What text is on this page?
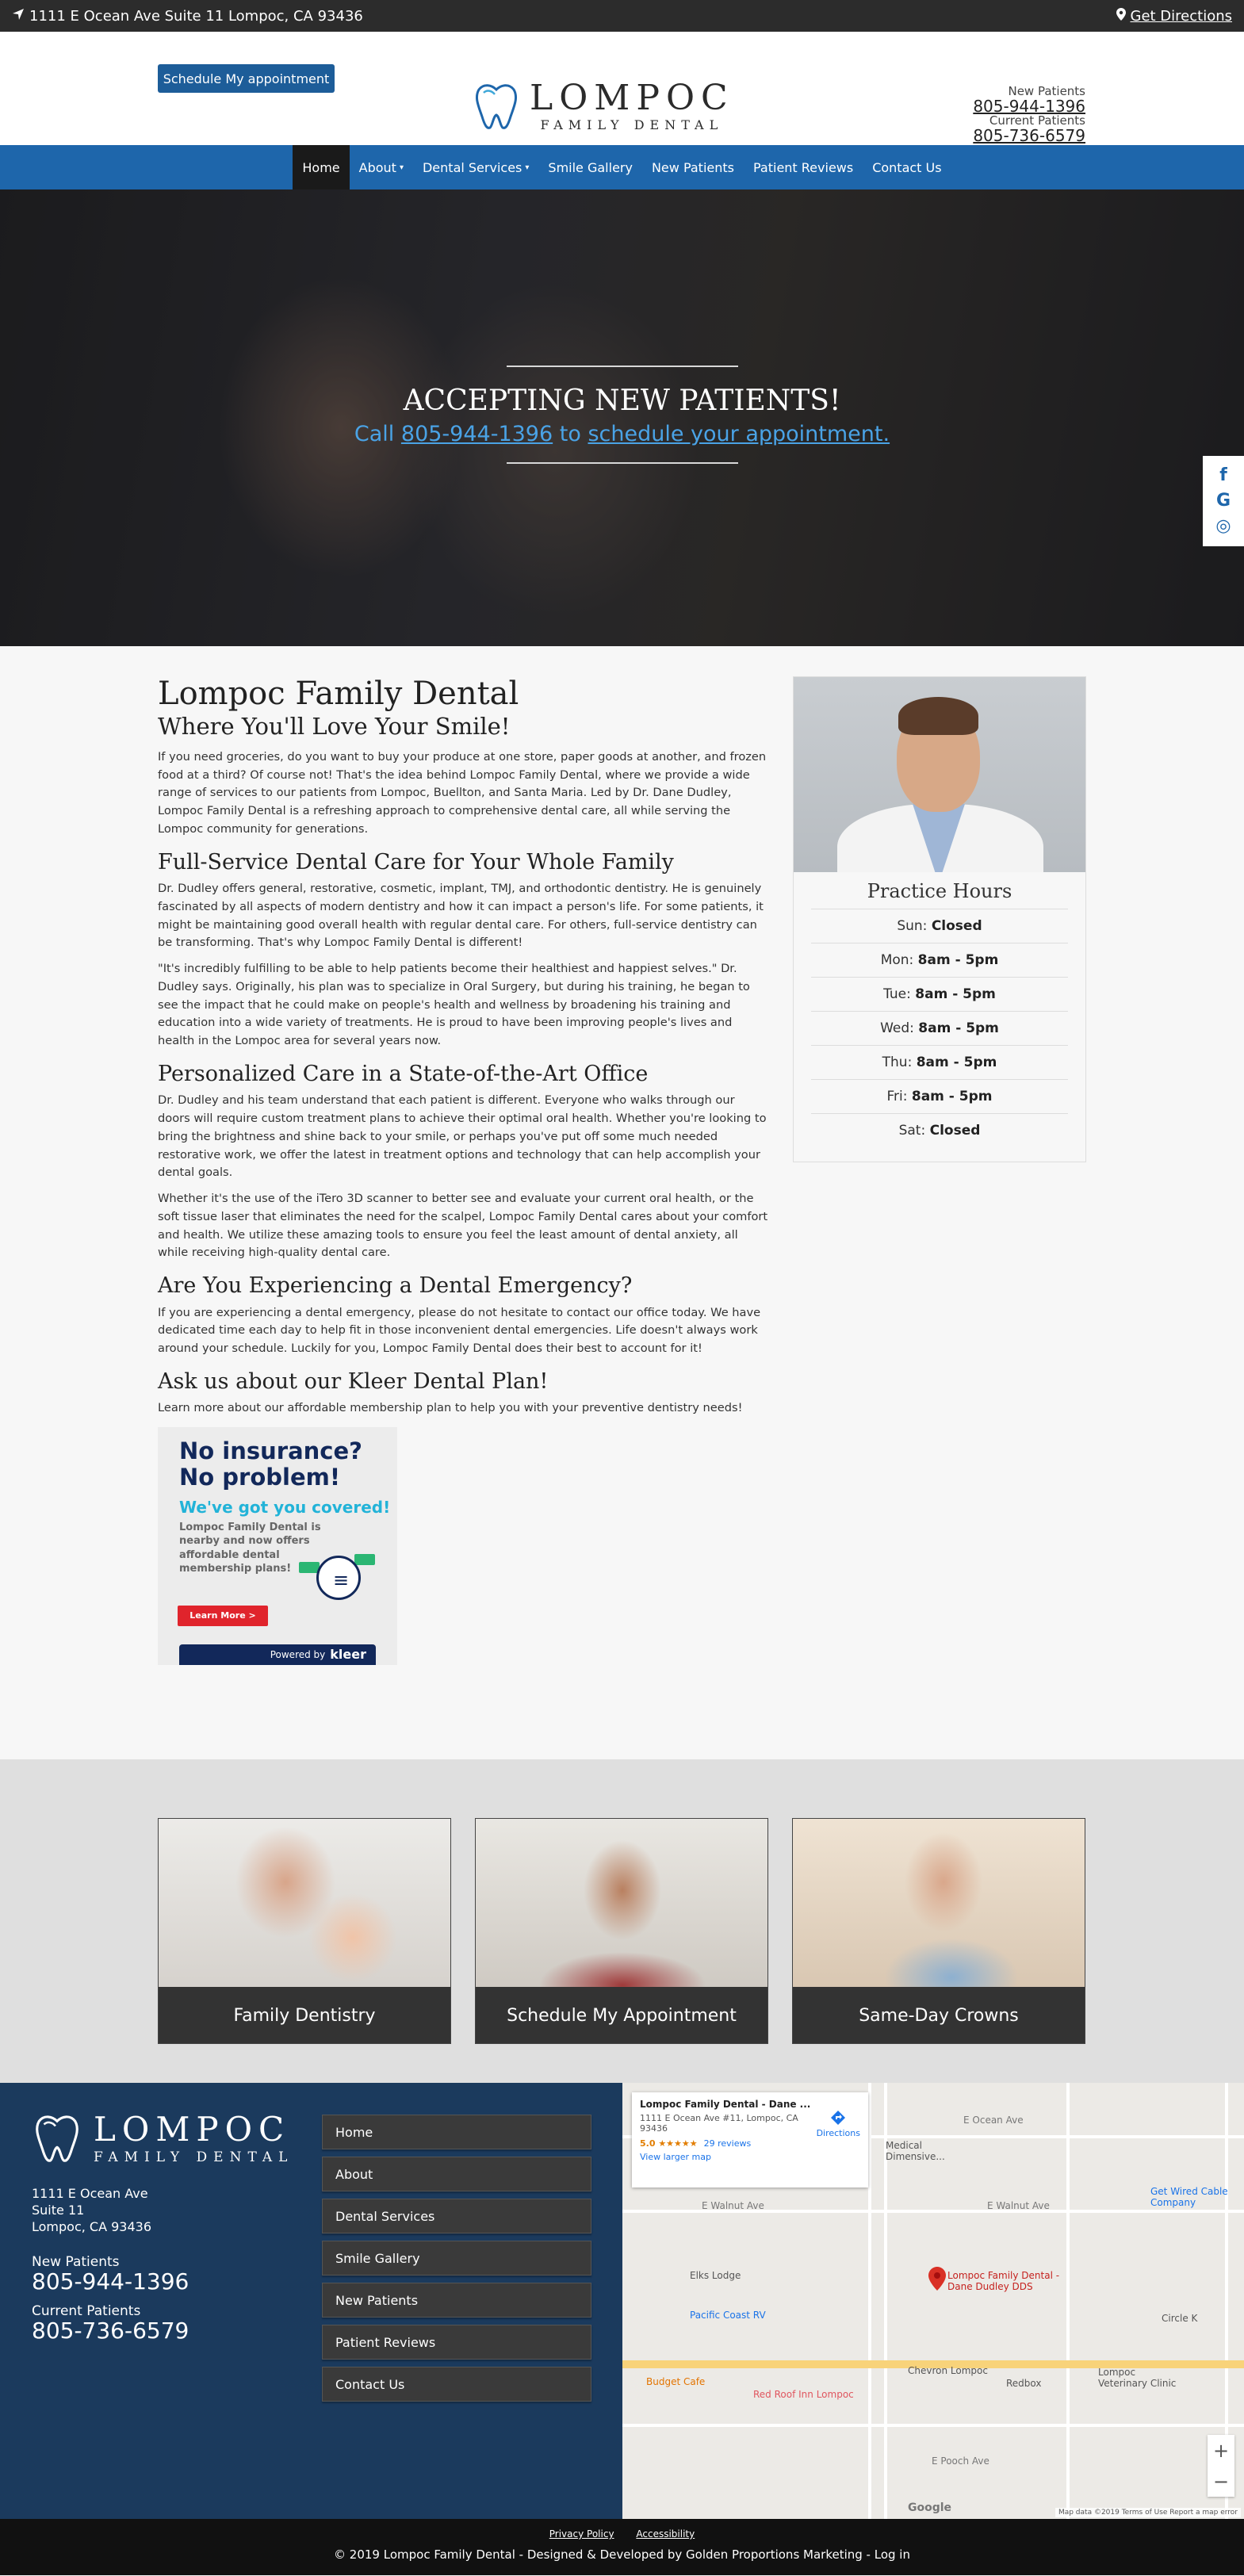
1111 E Ocean Ave Suite 11 Lompoc, CA 93436	Get Directions
Schedule My appointment	LOMPOC
FAMILY DENTAL
New Patients
805-944-1396
Current Patients
805-736-6579
Home About ▾ Dental Services ▾ Smile Gallery New Patients Patient Reviews Contact Us
ACCEPTING NEW PATIENTS!
Call 805-944-1396 to schedule your appointment.
f
G
◎
Lompoc Family Dental
Where You'll Love Your Smile!

If you need groceries, do you want to buy your produce at one store, paper goods at another, and frozen food at a third? Of course not! That's the idea behind Lompoc Family Dental, where we provide a wide range of services to our patients from Lompoc, Buellton, and Santa Maria. Led by Dr. Dane Dudley, Lompoc Family Dental is a refreshing approach to comprehensive dental care, all while serving the Lompoc community for generations.

Full-Service Dental Care for Your Whole Family

Dr. Dudley offers general, restorative, cosmetic, implant, TMJ, and orthodontic dentistry. He is genuinely fascinated by all aspects of modern dentistry and how it can impact a person's life. For some patients, it might be maintaining good overall health with regular dental care. For others, full-service dentistry can be transforming. That's why Lompoc Family Dental is different!

"It's incredibly fulfilling to be able to help patients become their healthiest and happiest selves." Dr. Dudley says. Originally, his plan was to specialize in Oral Surgery, but during his training, he began to see the impact that he could make on people's health and wellness by broadening his training and education into a wide variety of treatments. He is proud to have been improving people's lives and health in the Lompoc area for several years now.

Personalized Care in a State-of-the-Art Office

Dr. Dudley and his team understand that each patient is different. Everyone who walks through our doors will require custom treatment plans to achieve their optimal oral health. Whether you're looking to bring the brightness and shine back to your smile, or perhaps you've put off some much needed restorative work, we offer the latest in treatment options and technology that can help accomplish your dental goals.

Whether it's the use of the iTero 3D scanner to better see and evaluate your current oral health, or the soft tissue laser that eliminates the need for the scalpel, Lompoc Family Dental cares about your comfort and health. We utilize these amazing tools to ensure you feel the least amount of dental anxiety, all while receiving high-quality dental care.

Are You Experiencing a Dental Emergency?

If you are experiencing a dental emergency, please do not hesitate to contact our office today. We have dedicated time each day to help fit in those inconvenient dental emergencies. Life doesn't always work around your schedule. Luckily for you, Lompoc Family Dental does their best to account for it!

Ask us about our Kleer Dental Plan!

Learn more about our affordable membership plan to help you with your preventive dentistry needs!

No insurance?
No problem!
We've got you covered!
Lompoc Family Dental is nearby and now offers affordable dental membership plans!
Learn More >
≡
Powered by kleer
Practice Hours
Sun: Closed
Mon: 8am - 5pm
Tue: 8am - 5pm
Wed: 8am - 5pm
Thu: 8am - 5pm
Fri: 8am - 5pm
Sat: Closed
Family Dentistry	Schedule My Appointment	Same-Day Crowns
LOMPOC
FAMILY DENTAL
1111 E Ocean Ave
Suite 11
Lompoc, CA 93436
New Patients
805-944-1396
Current Patients
805-736-6579
Home
About
Dental Services
Smile Gallery
New Patients
Patient Reviews
Contact Us
E Ocean Ave
E Walnut Ave	E Walnut Ave
E Pooch Ave
Medical Dimensive...
Get Wired Cable Company
Elks Lodge
Pacific Coast RV
Chevron Lompoc
Redbox
Budget Cafe
Red Roof Inn Lompoc
Lompoc Veterinary Clinic
Circle K
Lompoc Family Dental - Dane Dudley DDS
Lompoc Family Dental - Dane ...
1111 E Ocean Ave #11, Lompoc, CA 93436
5.0 ★★★★★ 29 reviews
View larger map
Directions
+
−
Google	Map data ©2019 Terms of Use Report a map error
Privacy Policy Accessibility
© 2019 Lompoc Family Dental - Designed & Developed by Golden Proportions Marketing - Log in
